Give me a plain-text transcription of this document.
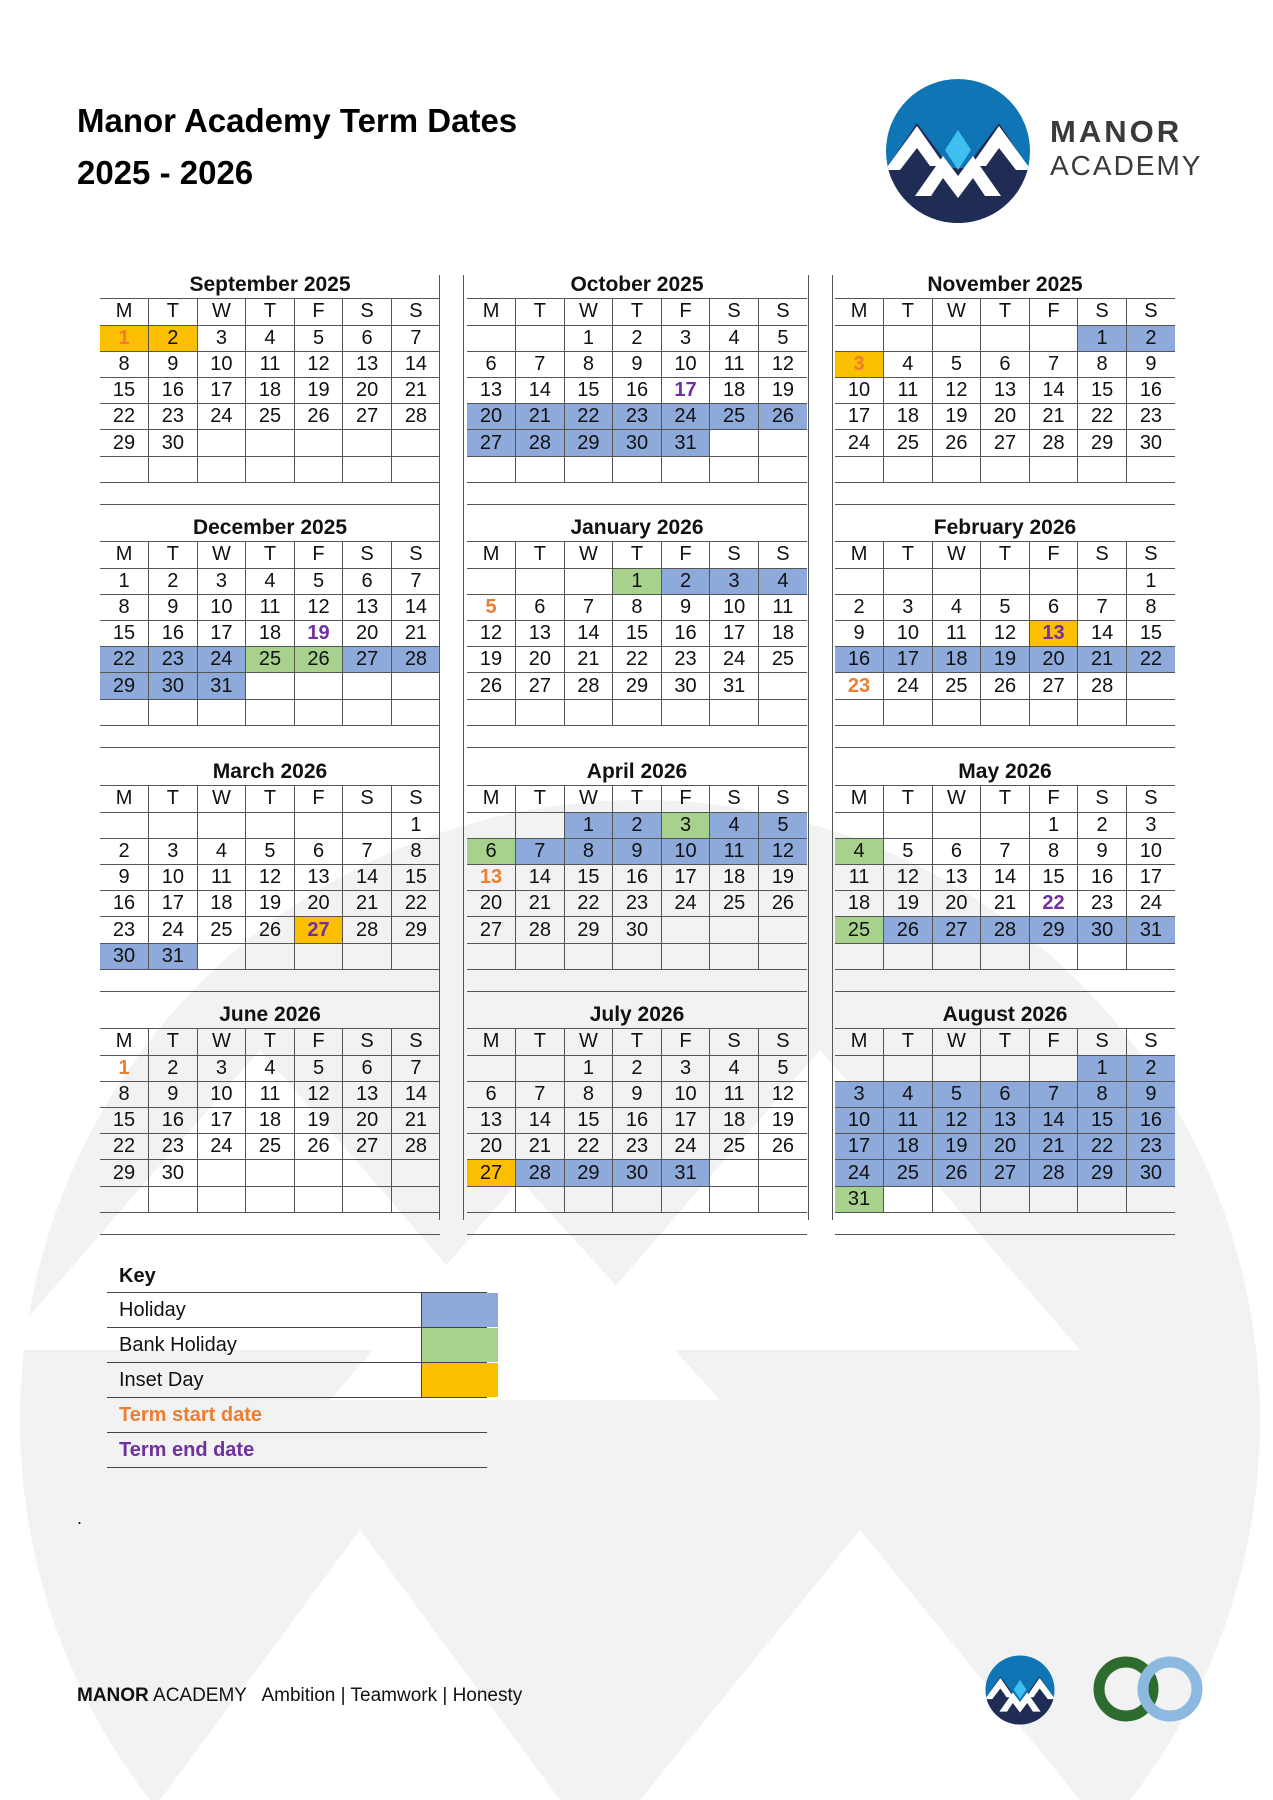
Manor Academy Term Dates
2025 - 2026
MANOR
ACADEMY
September 2025
M	T	W	T	F	S	S
1	2	3	4	5	6	7
8	9	10	11	12	13	14
15	16	17	18	19	20	21
22	23	24	25	26	27	28
29	30					

October 2025
M	T	W	T	F	S	S
		1	2	3	4	5
6	7	8	9	10	11	12
13	14	15	16	17	18	19
20	21	22	23	24	25	26
27	28	29	30	31		

November 2025
M	T	W	T	F	S	S
					1	2
3	4	5	6	7	8	9
10	11	12	13	14	15	16
17	18	19	20	21	22	23
24	25	26	27	28	29	30

December 2025
M	T	W	T	F	S	S
1	2	3	4	5	6	7
8	9	10	11	12	13	14
15	16	17	18	19	20	21
22	23	24	25	26	27	28
29	30	31				

January 2026
M	T	W	T	F	S	S
			1	2	3	4
5	6	7	8	9	10	11
12	13	14	15	16	17	18
19	20	21	22	23	24	25
26	27	28	29	30	31	

February 2026
M	T	W	T	F	S	S
						1
2	3	4	5	6	7	8
9	10	11	12	13	14	15
16	17	18	19	20	21	22
23	24	25	26	27	28	

March 2026
M	T	W	T	F	S	S
						1
2	3	4	5	6	7	8
9	10	11	12	13	14	15
16	17	18	19	20	21	22
23	24	25	26	27	28	29
30	31					

April 2026
M	T	W	T	F	S	S
		1	2	3	4	5
6	7	8	9	10	11	12
13	14	15	16	17	18	19
20	21	22	23	24	25	26
27	28	29	30			

May 2026
M	T	W	T	F	S	S
				1	2	3
4	5	6	7	8	9	10
11	12	13	14	15	16	17
18	19	20	21	22	23	24
25	26	27	28	29	30	31

June 2026
M	T	W	T	F	S	S
1	2	3	4	5	6	7
8	9	10	11	12	13	14
15	16	17	18	19	20	21
22	23	24	25	26	27	28
29	30					

July 2026
M	T	W	T	F	S	S
		1	2	3	4	5
6	7	8	9	10	11	12
13	14	15	16	17	18	19
20	21	22	23	24	25	26
27	28	29	30	31		

August 2026
M	T	W	T	F	S	S
					1	2
3	4	5	6	7	8	9
10	11	12	13	14	15	16
17	18	19	20	21	22	23
24	25	26	27	28	29	30
31						

Key
Holiday
Bank Holiday
Inset Day
Term start date
Term end date
.
MANOR ACADEMY Ambition | Teamwork | Honesty
